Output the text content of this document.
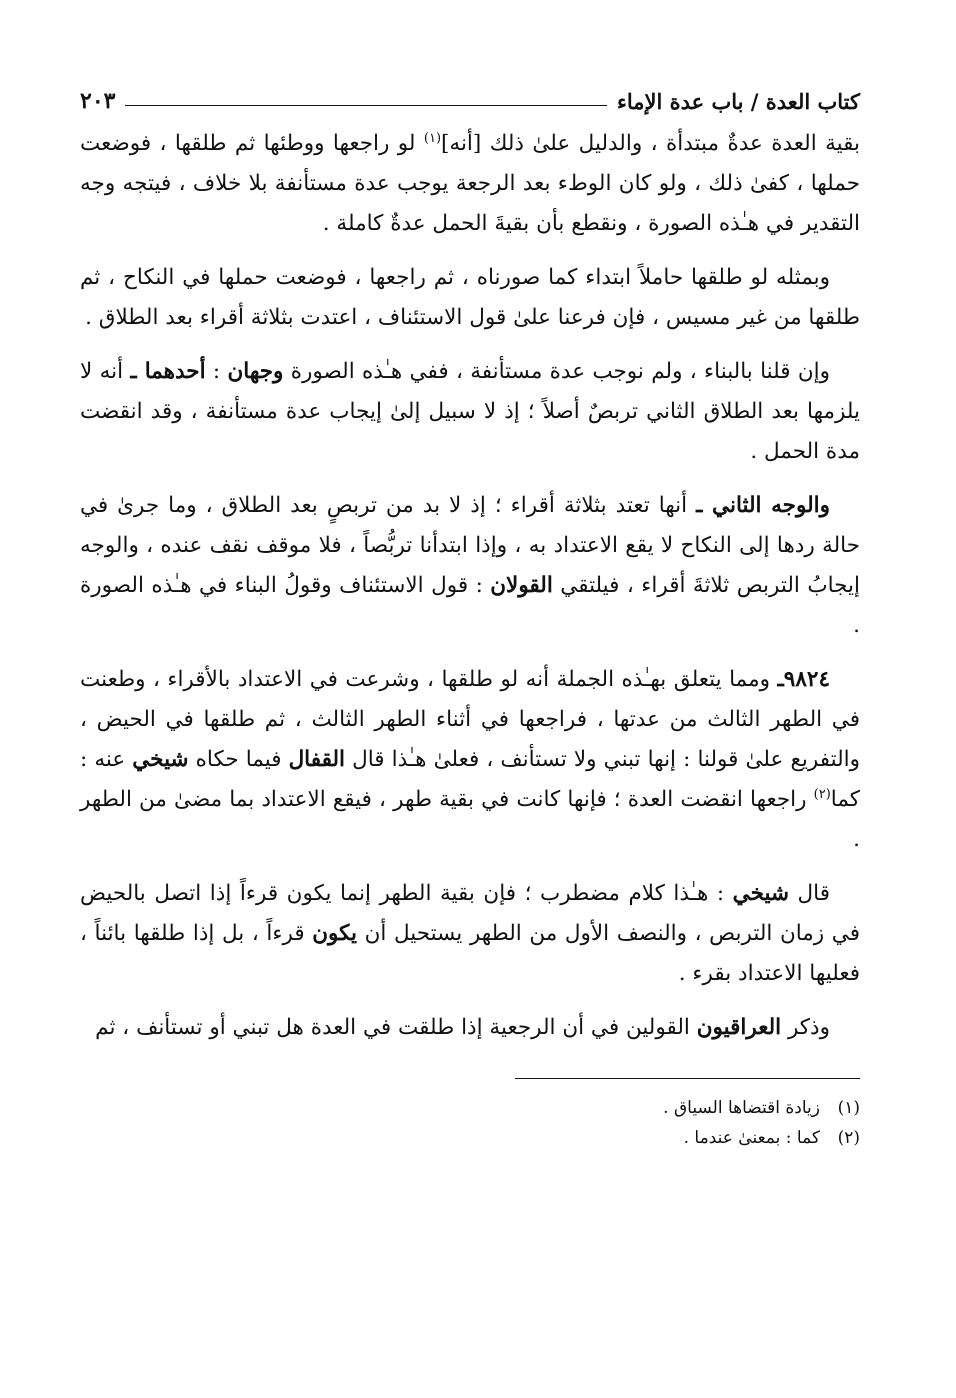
كتاب العدة / باب عدة الإماء
٢٠٣

بقية العدة عدةٌ مبتدأة ، والدليل علىٰ ذلك [أنه]$^{(١)}$ لو راجعها ووطئها ثم طلقها ، فوضعت حملها ، كفىٰ ذلك ، ولو كان الوطء بعد الرجعة يوجب عدة مستأنفة بلا خلاف ، فيتجه وجه التقدير في هـٰذه الصورة ، ونقطع بأن بقيةَ الحمل عدةٌ كاملة .

وبمثله لو طلقها حاملاً ابتداء كما صورناه ، ثم راجعها ، فوضعت حملها في النكاح ، ثم طلقها من غير مسيس ، فإن فرعنا علىٰ قول الاستئناف ، اعتدت بثلاثة أقراء بعد الطلاق .

وإن قلنا بالبناء ، ولم نوجب عدة مستأنفة ، ففي هـٰذه الصورة وجهان : أحدهما ـ أنه لا يلزمها بعد الطلاق الثاني تربصٌ أصلاً ؛ إذ لا سبيل إلىٰ إيجاب عدة مستأنفة ، وقد انقضت مدة الحمل .

والوجه الثاني ـ أنها تعتد بثلاثة أقراء ؛ إذ لا بد من تربصٍ بعد الطلاق ، وما جرىٰ في حالة ردها إلى النكاح لا يقع الاعتداد به ، وإذا ابتدأنا تربُّصاً ، فلا موقف نقف عنده ، والوجه إيجابُ التربص ثلاثةَ أقراء ، فيلتقي القولان : قول الاستئناف وقولُ البناء في هـٰذه الصورة .

٩٨٢٤ـ ومما يتعلق بهـٰذه الجملة أنه لو طلقها ، وشرعت في الاعتداد بالأقراء ، وطعنت في الطهر الثالث من عدتها ، فراجعها في أثناء الطهر الثالث ، ثم طلقها في الحيض ، والتفريع علىٰ قولنا : إنها تبني ولا تستأنف ، فعلىٰ هـٰذا قال القفال فيما حكاه شيخي عنه : كما$^{(٢)}$ راجعها انقضت العدة ؛ فإنها كانت في بقية طهر ، فيقع الاعتداد بما مضىٰ من الطهر .

قال شيخي : هـٰذا كلام مضطرب ؛ فإن بقية الطهر إنما يكون قرءاً إذا اتصل بالحيض في زمان التربص ، والنصف الأول من الطهر يستحيل أن يكون قرءاً ، بل إذا طلقها بائناً ، فعليها الاعتداد بقرء .

وذكر العراقيون القولين في أن الرجعية إذا طلقت في العدة هل تبني أو تستأنف ، ثم

(١)زيادة اقتضاها السياق .

(٢)كما : بمعنىٰ عندما .
